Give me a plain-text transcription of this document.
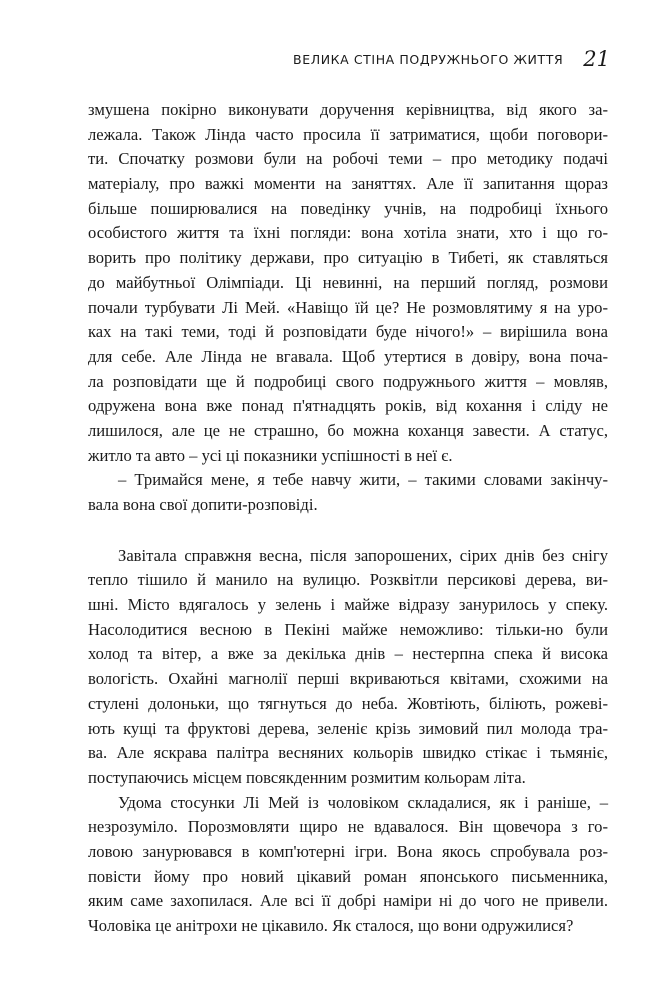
ВЕЛИКА СТІНА ПОДРУЖНЬОГО ЖИТТЯ 21
змушена покірно виконувати доручення керівництва, від якого за-
лежала. Також Лінда часто просила її затриматися, щоби поговори-
ти. Спочатку розмови були на робочі теми – про методику подачі
матеріалу, про важкі моменти на заняттях. Але її запитання щораз
більше поширювалися на поведінку учнів, на подробиці їхнього
особистого життя та їхні погляди: вона хотіла знати, хто і що го-
ворить про політику держави, про ситуацію в Тибеті, як ставляться
до майбутньої Олімпіади. Ці невинні, на перший погляд, розмови
почали турбувати Лі Мей. «Навіщо їй це? Не розмовлятиму я на уро-
ках на такі теми, тоді й розповідати буде нічого!» – вирішила вона
для себе. Але Лінда не вгавала. Щоб утертися в довіру, вона поча-
ла розповідати ще й подробиці свого подружнього життя – мовляв,
одружена вона вже понад п'ятнадцять років, від кохання і сліду не
лишилося, але це не страшно, бо можна коханця завести. А статус,
житло та авто – усі ці показники успішності в неї є.
– Тримайся мене, я тебе навчу жити, – такими словами закінчу-
вала вона свої допити-розповіді.
Завітала справжня весна, після запорошених, сірих днів без снігу
тепло тішило й манило на вулицю. Розквітли персикові дерева, ви-
шні. Місто вдягалось у зелень і майже відразу занурилось у спеку.
Насолодитися весною в Пекіні майже неможливо: тільки-но були
холод та вітер, а вже за декілька днів – нестерпна спека й висока
вологість. Охайні магнолії перші вкриваються квітами, схожими на
стулені долоньки, що тягнуться до неба. Жовтіють, біліють, рожеві-
ють кущі та фруктові дерева, зеленіє крізь зимовий пил молода тра-
ва. Але яскрава палітра весняних кольорів швидко стікає і тьмяніє,
поступаючись місцем повсякденним розмитим кольорам літа.
Удома стосунки Лі Мей із чоловіком складалися, як і раніше, –
незрозуміло. Порозмовляти щиро не вдавалося. Він щовечора з го-
ловою занурювався в комп'ютерні ігри. Вона якось спробувала роз-
повісти йому про новий цікавий роман японського письменника,
яким саме захопилася. Але всі її добрі наміри ні до чого не привели.
Чоловіка це анітрохи не цікавило. Як сталося, що вони одружилися?
